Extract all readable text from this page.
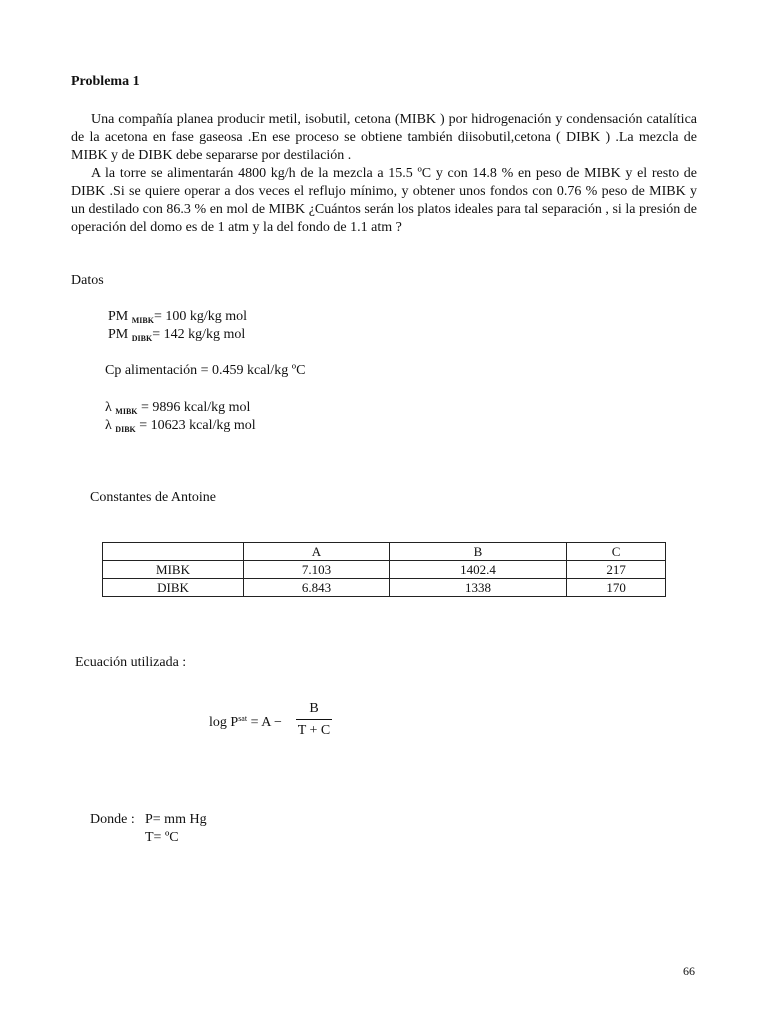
Problema 1
Una compañía planea producir metil, isobutil, cetona (MIBK ) por hidrogenación y condensación catalítica de la acetona en fase gaseosa .En ese proceso se obtiene también diisobutil,cetona ( DIBK ) .La mezcla de MIBK y de DIBK debe separarse por destilación .
A la torre se alimentarán 4800 kg/h de la mezcla a 15.5 ºC y con 14.8 % en peso de MIBK y el resto de DIBK .Si se quiere operar a dos veces el reflujo mínimo, y obtener unos fondos con 0.76 % peso de MIBK y un destilado con 86.3 % en mol de MIBK ¿Cuántos serán los platos ideales para tal separación , si la presión de operación del domo es de 1 atm y la del fondo de 1.1 atm ?
Datos
PM $_{MIBK}$= 100 kg/kg mol
PM $_{DIBK}$= 142 kg/kg mol
Cp alimentación = 0.459 kcal/kg ºC
λ $_{MIBK}$ = 9896 kcal/kg mol
λ $_{DIBK}$ = 10623 kcal/kg mol
Constantes de Antoine
	A	B	C
MIBK	7.103	1402.4	217
DIBK	6.843	1338	170
Ecuación utilizada :
$\log P^{sat} = A$ −
B
T + C
Donde : P= mm Hg
T= ºC
66
